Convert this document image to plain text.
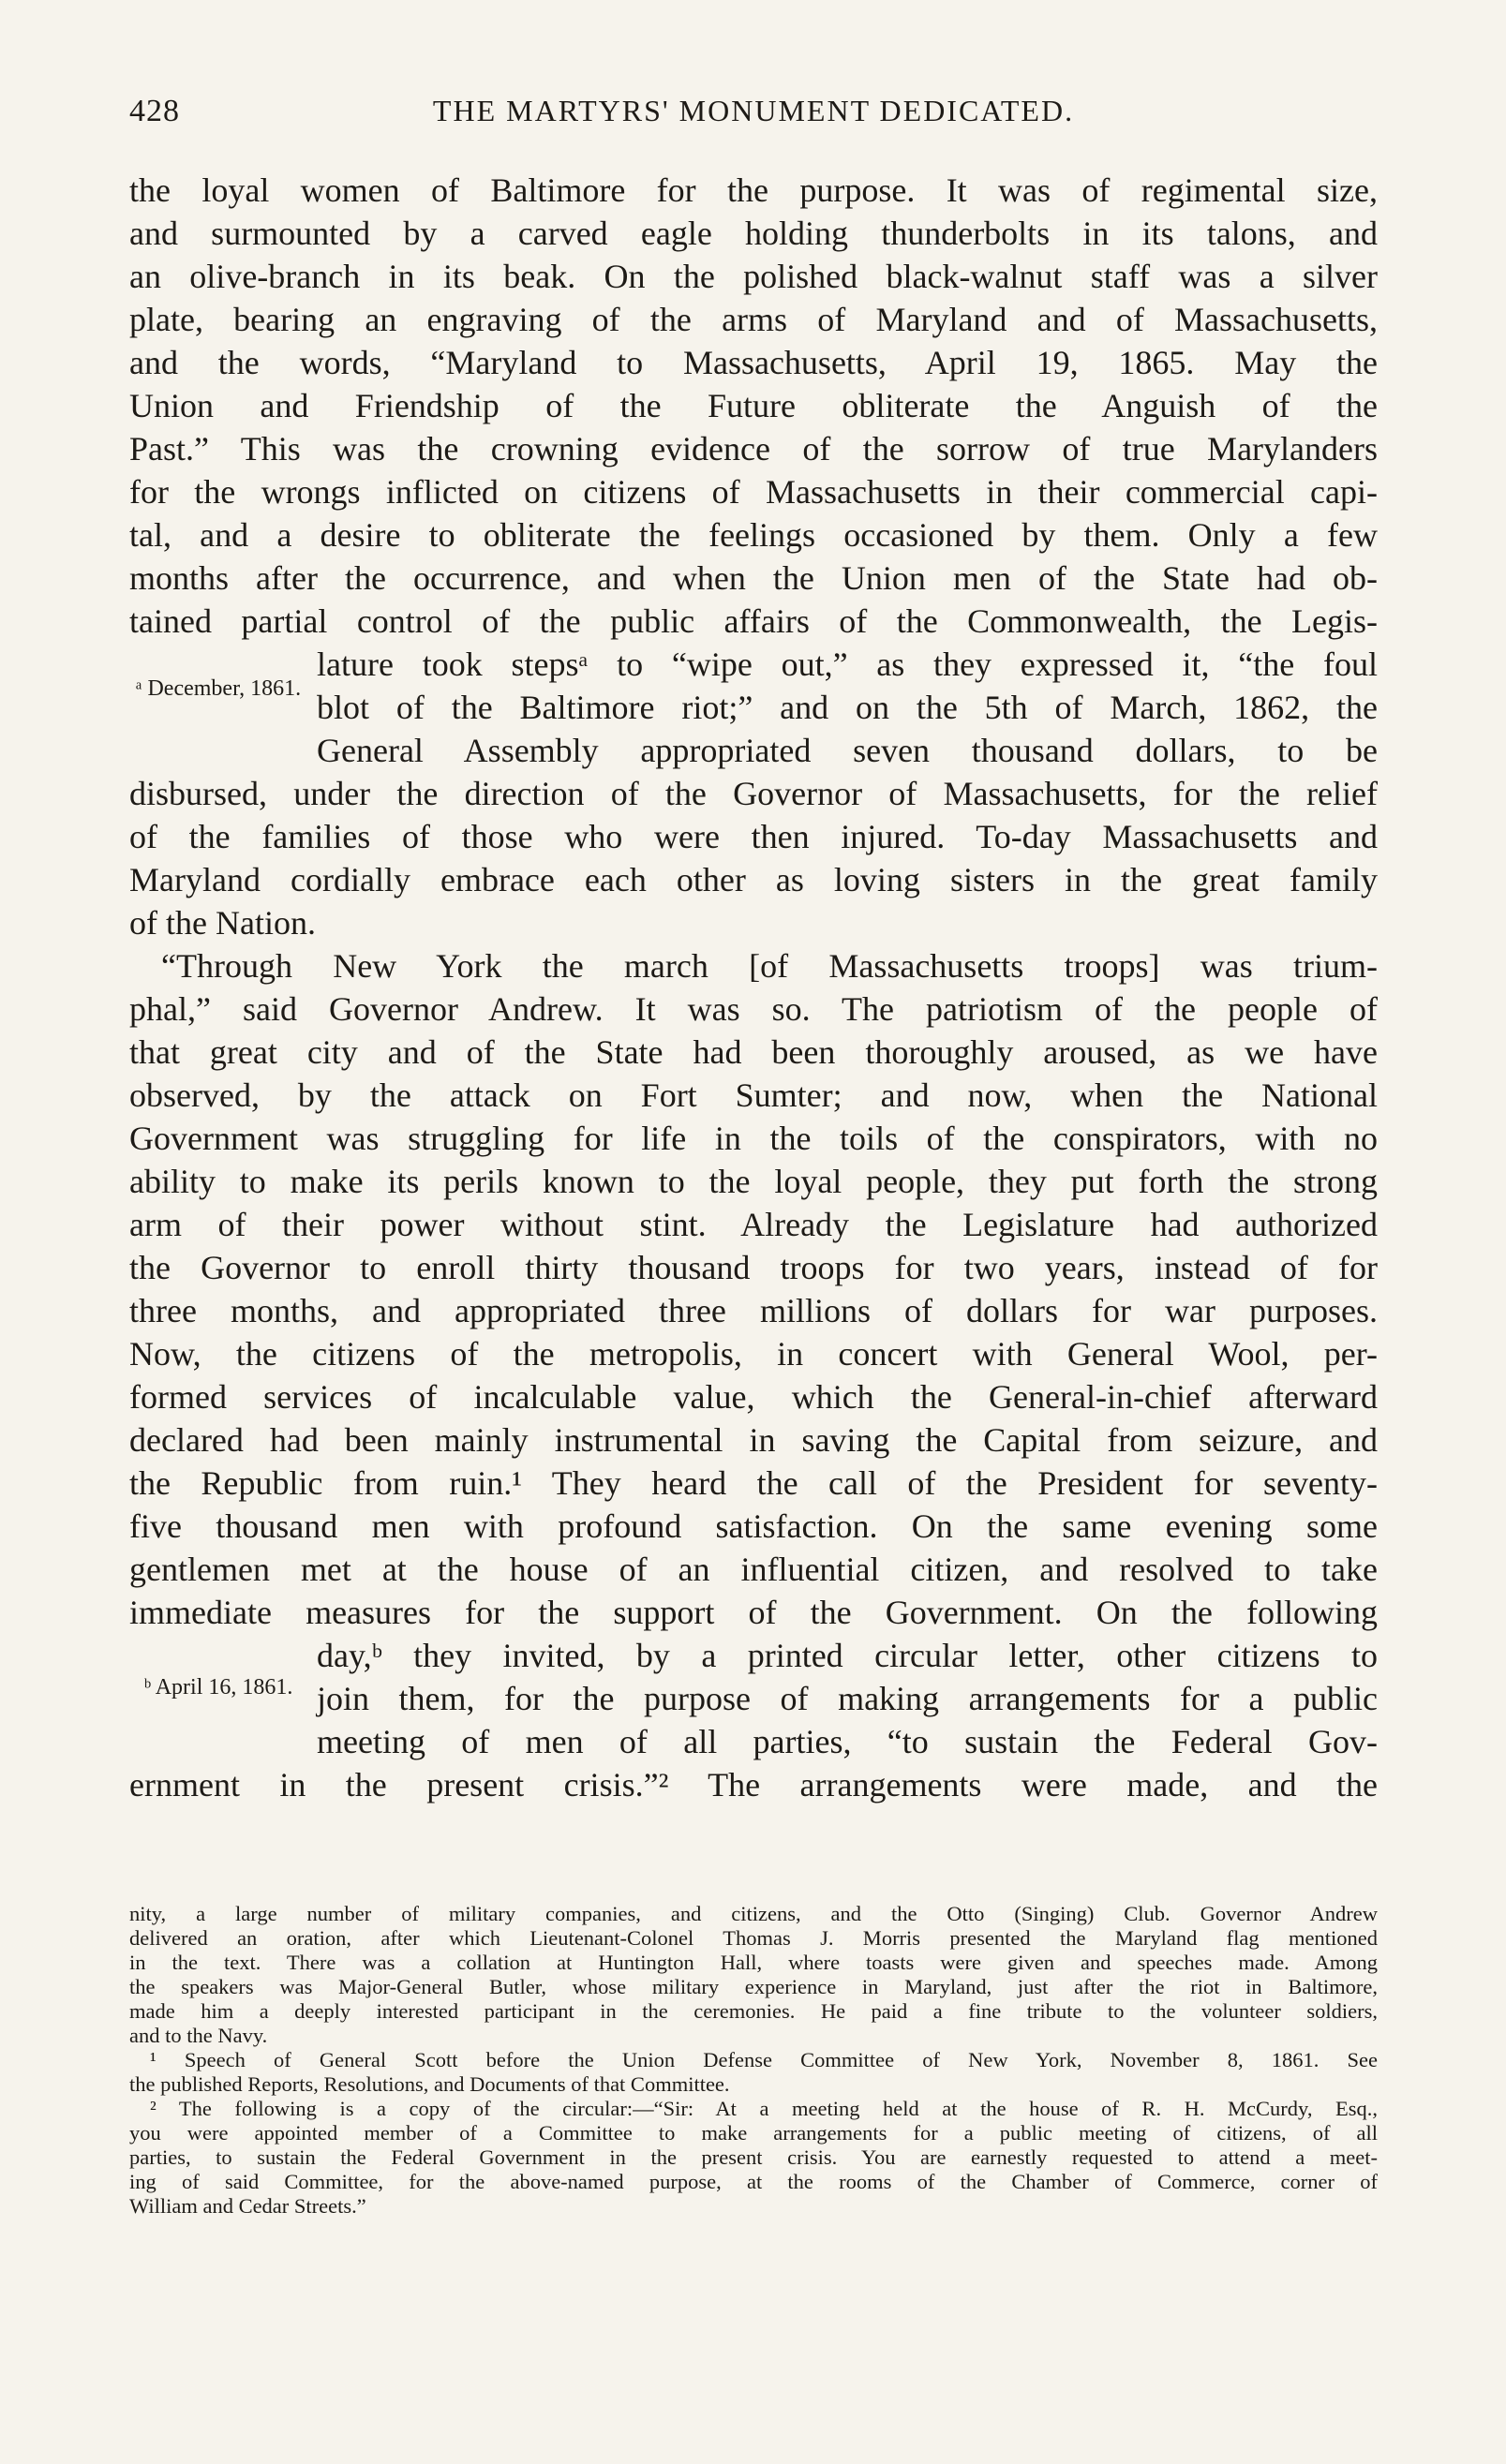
428	THE MARTYRS' MONUMENT DEDICATED.
ᵃ December, 1861.
ᵇ April 16, 1861.
the loyal women of Baltimore for the purpose. It was of regimental size,
and surmounted by a carved eagle holding thunderbolts in its talons, and
an olive-branch in its beak. On the polished black-walnut staff was a silver
plate, bearing an engraving of the arms of Maryland and of Massachusetts,
and the words, “Maryland to Massachusetts, April 19, 1865. May the
Union and Friendship of the Future obliterate the Anguish of the
Past.” This was the crowning evidence of the sorrow of true Marylanders
for the wrongs inflicted on citizens of Massachusetts in their commercial capi-
tal, and a desire to obliterate the feelings occasioned by them. Only a few
months after the occurrence, and when the Union men of the State had ob-
tained partial control of the public affairs of the Commonwealth, the Legis-
lature took stepsᵃ to “wipe out,” as they expressed it, “the foul
blot of the Baltimore riot;” and on the 5th of March, 1862, the
General Assembly appropriated seven thousand dollars, to be
disbursed, under the direction of the Governor of Massachusetts, for the relief
of the families of those who were then injured. To-day Massachusetts and
Maryland cordially embrace each other as loving sisters in the great family
of the Nation.
“Through New York the march [of Massachusetts troops] was trium-
phal,” said Governor Andrew. It was so. The patriotism of the people of
that great city and of the State had been thoroughly aroused, as we have
observed, by the attack on Fort Sumter; and now, when the National
Government was struggling for life in the toils of the conspirators, with no
ability to make its perils known to the loyal people, they put forth the strong
arm of their power without stint. Already the Legislature had authorized
the Governor to enroll thirty thousand troops for two years, instead of for
three months, and appropriated three millions of dollars for war purposes.
Now, the citizens of the metropolis, in concert with General Wool, per-
formed services of incalculable value, which the General-in-chief afterward
declared had been mainly instrumental in saving the Capital from seizure, and
the Republic from ruin.¹ They heard the call of the President for seventy-
five thousand men with profound satisfaction. On the same evening some
gentlemen met at the house of an influential citizen, and resolved to take
immediate measures for the support of the Government. On the following
day,ᵇ they invited, by a printed circular letter, other citizens to
join them, for the purpose of making arrangements for a public
meeting of men of all parties, “to sustain the Federal Gov-
ernment in the present crisis.”² The arrangements were made, and the
nity, a large number of military companies, and citizens, and the Otto (Singing) Club. Governor Andrew
delivered an oration, after which Lieutenant-Colonel Thomas J. Morris presented the Maryland flag mentioned
in the text. There was a collation at Huntington Hall, where toasts were given and speeches made. Among
the speakers was Major-General Butler, whose military experience in Maryland, just after the riot in Baltimore,
made him a deeply interested participant in the ceremonies. He paid a fine tribute to the volunteer soldiers,
and to the Navy.
¹ Speech of General Scott before the Union Defense Committee of New York, November 8, 1861. See
the published Reports, Resolutions, and Documents of that Committee.
² The following is a copy of the circular:—“Sir: At a meeting held at the house of R. H. McCurdy, Esq.,
you were appointed member of a Committee to make arrangements for a public meeting of citizens, of all
parties, to sustain the Federal Government in the present crisis. You are earnestly requested to attend a meet-
ing of said Committee, for the above-named purpose, at the rooms of the Chamber of Commerce, corner of
William and Cedar Streets.”
